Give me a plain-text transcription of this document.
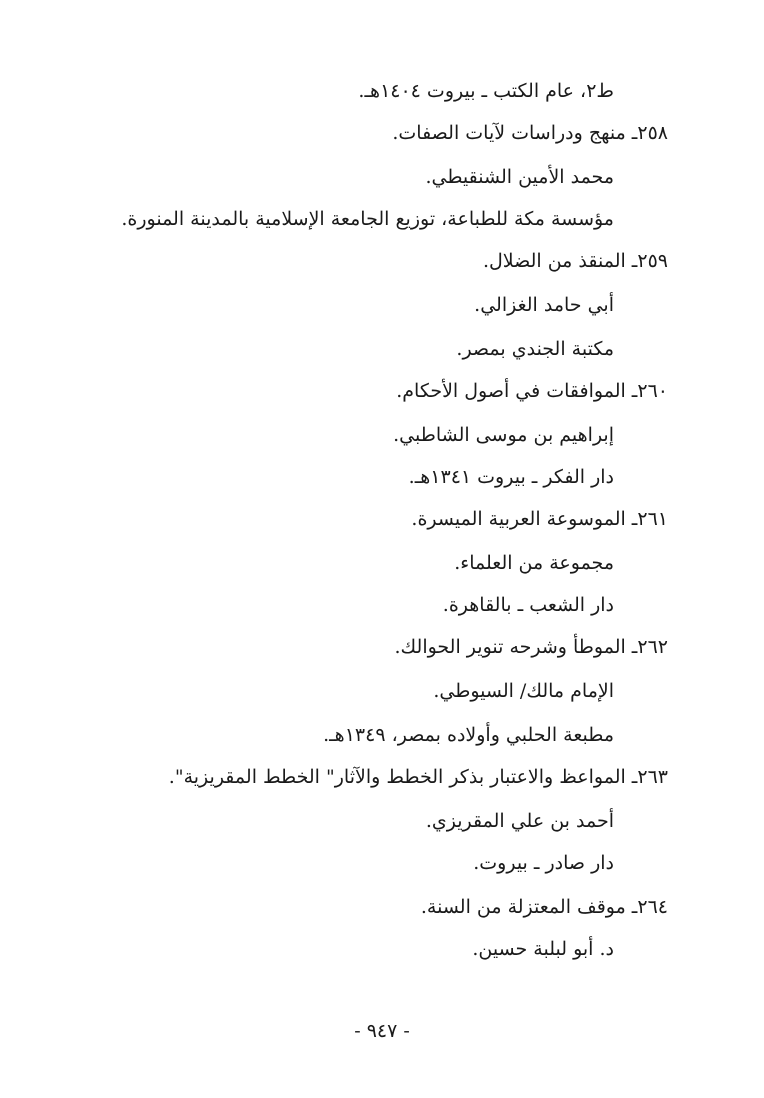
ط٢، عام الكتب ـ بيروت ١٤٠٤هـ.
٢٥٨ـ منهج ودراسات لآيات الصفات.
محمد الأمين الشنقيطي.
مؤسسة مكة للطباعة، توزيع الجامعة الإسلامية بالمدينة المنورة.
٢٥٩ـ المنقذ من الضلال.
أبي حامد الغزالي.
مكتبة الجندي بمصر.
٢٦٠ـ الموافقات في أصول الأحكام.
إبراهيم بن موسى الشاطبي.
دار الفكر ـ بيروت ١٣٤١هـ.
٢٦١ـ الموسوعة العربية الميسرة.
مجموعة من العلماء.
دار الشعب ـ بالقاهرة.
٢٦٢ـ الموطأ وشرحه تنوير الحوالك.
الإمام مالك/ السيوطي.
مطبعة الحلبي وأولاده بمصر، ١٣٤٩هـ.
٢٦٣ـ المواعظ والاعتبار بذكر الخطط والآثار" الخطط المقريزية".
أحمد بن علي المقريزي.
دار صادر ـ بيروت.
٢٦٤ـ موقف المعتزلة من السنة.
د. أبو لبلبة حسين.
- ٩٤٧ -
